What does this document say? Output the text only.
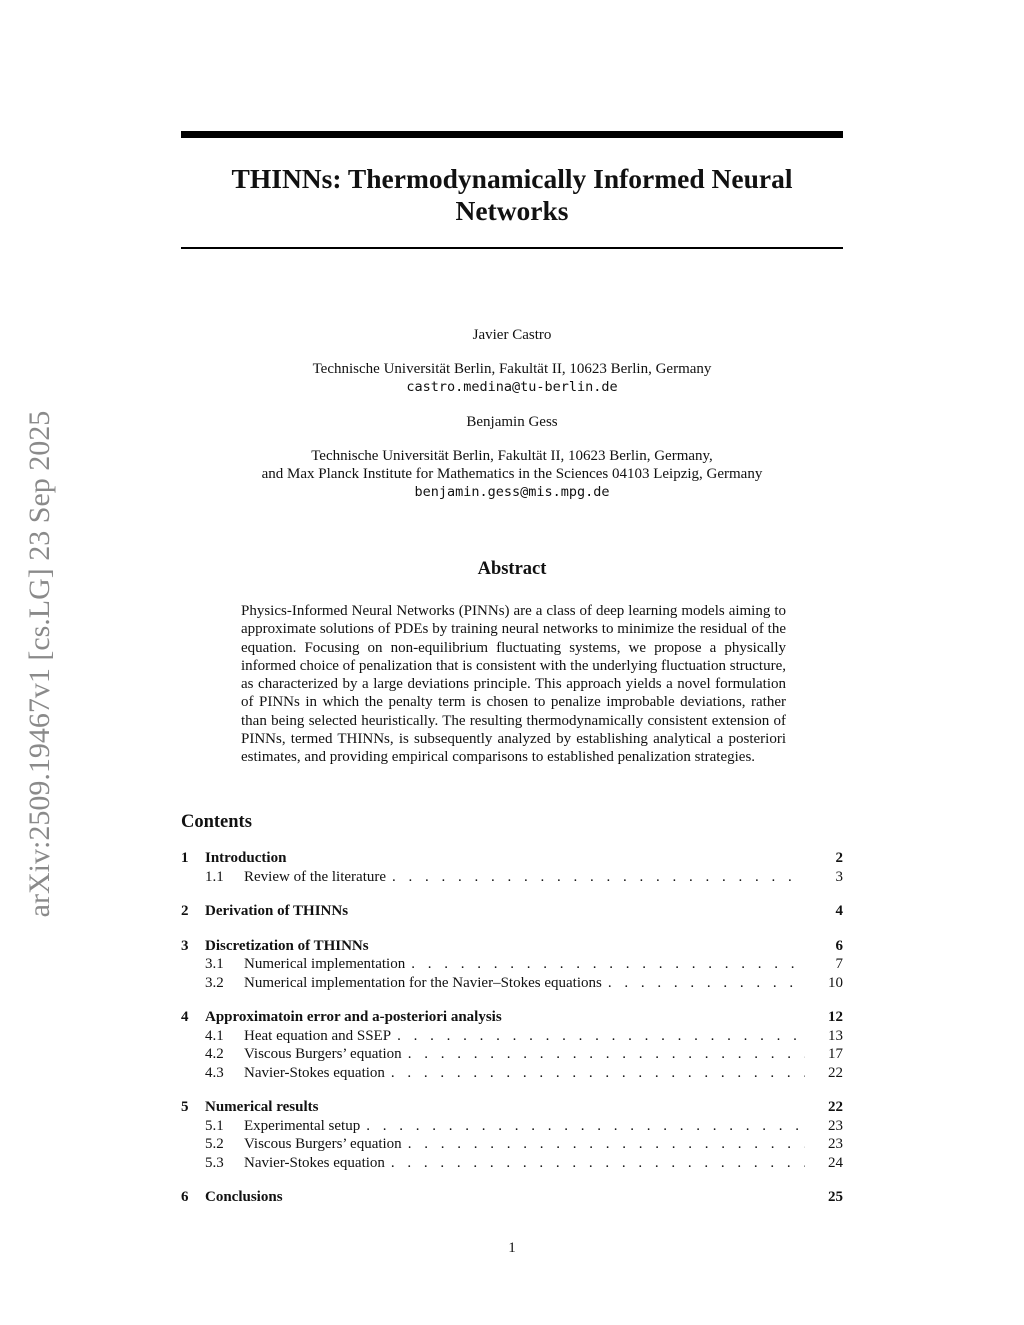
THINNs: Thermodynamically Informed Neural Networks
arXiv:2509.19467v1 [cs.LG] 23 Sep 2025

Javier Castro

Technische Universität Berlin, Fakultät II, 10623 Berlin, Germany

castro.medina@tu-berlin.de

Benjamin Gess

Technische Universität Berlin, Fakultät II, 10623 Berlin, Germany,

and Max Planck Institute for Mathematics in the Sciences 04103 Leipzig, Germany

benjamin.gess@mis.mpg.de

Abstract

Physics-Informed Neural Networks (PINNs) are a class of deep learning models aiming to approximate solutions of PDEs by training neural networks to minimize the residual of the equation. Focusing on non-equilibrium fluctuating systems, we propose a physically informed choice of penalization that is consistent with the underlying fluctuation structure, as characterized by a large deviations principle. This approach yields a novel formulation of PINNs in which the penalty term is chosen to penalize improbable deviations, rather than being selected heuristically. The resulting thermodynamically consistent extension of PINNs, termed THINNs, is subsequently analyzed by establishing analytical a posteriori estimates, and providing empirical comparisons to established penalization strategies.

Contents
1	Introduction	2
1.1	Review of the literature . . .	3
2	Derivation of THINNs	4
3	Discretization of THINNs	6
3.1	Numerical implementation . . .	7
3.2	Numerical implementation for the Navier–Stokes equations . . .	10
4	Approximatoin error and a-posteriori analysis	12
4.1	Heat equation and SSEP . . .	13
4.2	Viscous Burgers’ equation . . .	17
4.3	Navier-Stokes equation . . .	22
5	Numerical results	22
5.1	Experimental setup . . .	23
5.2	Viscous Burgers’ equation . . .	23
5.3	Navier-Stokes equation . . .	24
6	Conclusions	25

1
